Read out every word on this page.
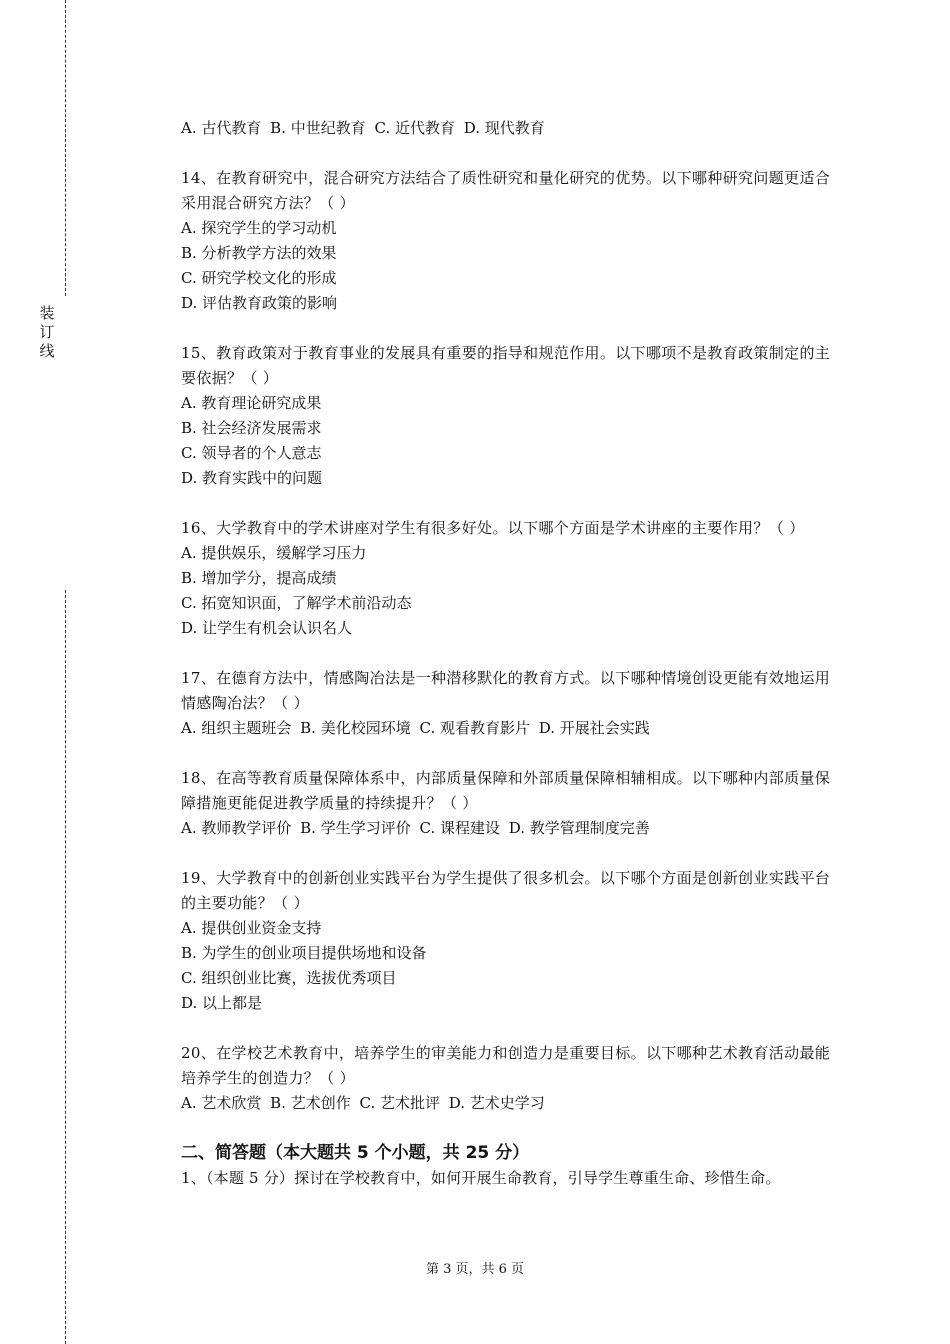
装
订
线
A. 古代教育 B. 中世纪教育 C. 近代教育 D. 现代教育
14、在教育研究中，混合研究方法结合了质性研究和量化研究的优势。以下哪种研究问题更适合采用混合研究方法？（ ）
A. 探究学生的学习动机
B. 分析教学方法的效果
C. 研究学校文化的形成
D. 评估教育政策的影响
15、教育政策对于教育事业的发展具有重要的指导和规范作用。以下哪项不是教育政策制定的主要依据？（ ）
A. 教育理论研究成果
B. 社会经济发展需求
C. 领导者的个人意志
D. 教育实践中的问题
16、大学教育中的学术讲座对学生有很多好处。以下哪个方面是学术讲座的主要作用？（ ）
A. 提供娱乐，缓解学习压力
B. 增加学分，提高成绩
C. 拓宽知识面，了解学术前沿动态
D. 让学生有机会认识名人
17、在德育方法中，情感陶冶法是一种潜移默化的教育方式。以下哪种情境创设更能有效地运用情感陶冶法？（ ）
A. 组织主题班会 B. 美化校园环境 C. 观看教育影片 D. 开展社会实践
18、在高等教育质量保障体系中，内部质量保障和外部质量保障相辅相成。以下哪种内部质量保障措施更能促进教学质量的持续提升？（ ）
A. 教师教学评价 B. 学生学习评价 C. 课程建设 D. 教学管理制度完善
19、大学教育中的创新创业实践平台为学生提供了很多机会。以下哪个方面是创新创业实践平台的主要功能？（ ）
A. 提供创业资金支持
B. 为学生的创业项目提供场地和设备
C. 组织创业比赛，选拔优秀项目
D. 以上都是
20、在学校艺术教育中，培养学生的审美能力和创造力是重要目标。以下哪种艺术教育活动最能培养学生的创造力？（ ）
A. 艺术欣赏 B. 艺术创作 C. 艺术批评 D. 艺术史学习
二、简答题（本大题共 5 个小题，共 25 分）
1、（本题 5 分）探讨在学校教育中，如何开展生命教育，引导学生尊重生命、珍惜生命。
第 3 页，共 6 页
